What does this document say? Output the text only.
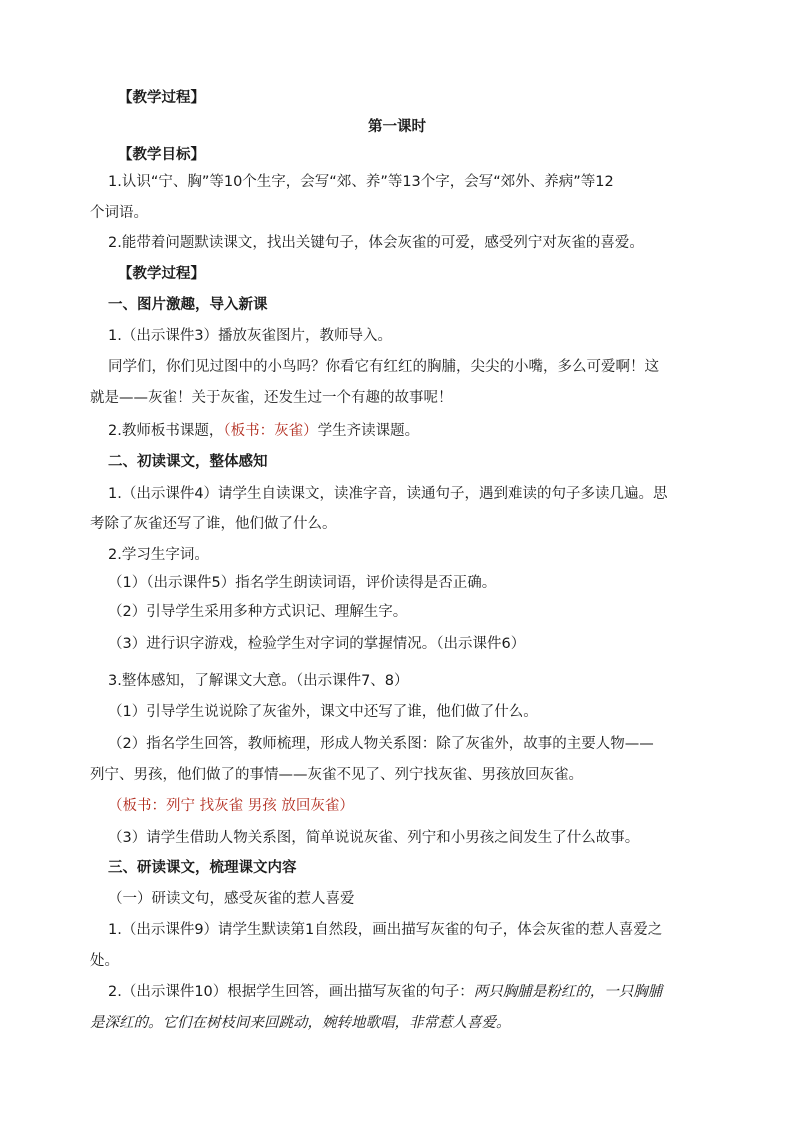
【教学过程】
第一课时
【教学目标】
1.认识“宁、胸”等10个生字，会写“郊、养”等13个字，会写“郊外、养病”等12
个词语。
2.能带着问题默读课文，找出关键句子，体会灰雀的可爱，感受列宁对灰雀的喜爱。
【教学过程】
一、图片激趣，导入新课
1.（出示课件3）播放灰雀图片，教师导入。
同学们，你们见过图中的小鸟吗？你看它有红红的胸脯，尖尖的小嘴，多么可爱啊！这
就是——灰雀！关于灰雀，还发生过一个有趣的故事呢！
2.教师板书课题，（板书：灰雀）学生齐读课题。
二、初读课文，整体感知
1.（出示课件4）请学生自读课文，读准字音，读通句子，遇到难读的句子多读几遍。思
考除了灰雀还写了谁，他们做了什么。
2.学习生字词。
（1）（出示课件5）指名学生朗读词语，评价读得是否正确。
（2）引导学生采用多种方式识记、理解生字。
（3）进行识字游戏，检验学生对字词的掌握情况。（出示课件6）
3.整体感知，了解课文大意。（出示课件7、8）
（1）引导学生说说除了灰雀外，课文中还写了谁，他们做了什么。
（2）指名学生回答，教师梳理，形成人物关系图：除了灰雀外，故事的主要人物——
列宁、男孩，他们做了的事情——灰雀不见了、列宁找灰雀、男孩放回灰雀。
（板书：列宁 找灰雀 男孩 放回灰雀）
（3）请学生借助人物关系图，简单说说灰雀、列宁和小男孩之间发生了什么故事。
三、研读课文，梳理课文内容
（一）研读文句，感受灰雀的惹人喜爱
1.（出示课件9）请学生默读第1自然段，画出描写灰雀的句子，体会灰雀的惹人喜爱之
处。
2.（出示课件10）根据学生回答，画出描写灰雀的句子：两只胸脯是粉红的，一只胸脯
是深红的。它们在树枝间来回跳动，婉转地歌唱，非常惹人喜爱。
